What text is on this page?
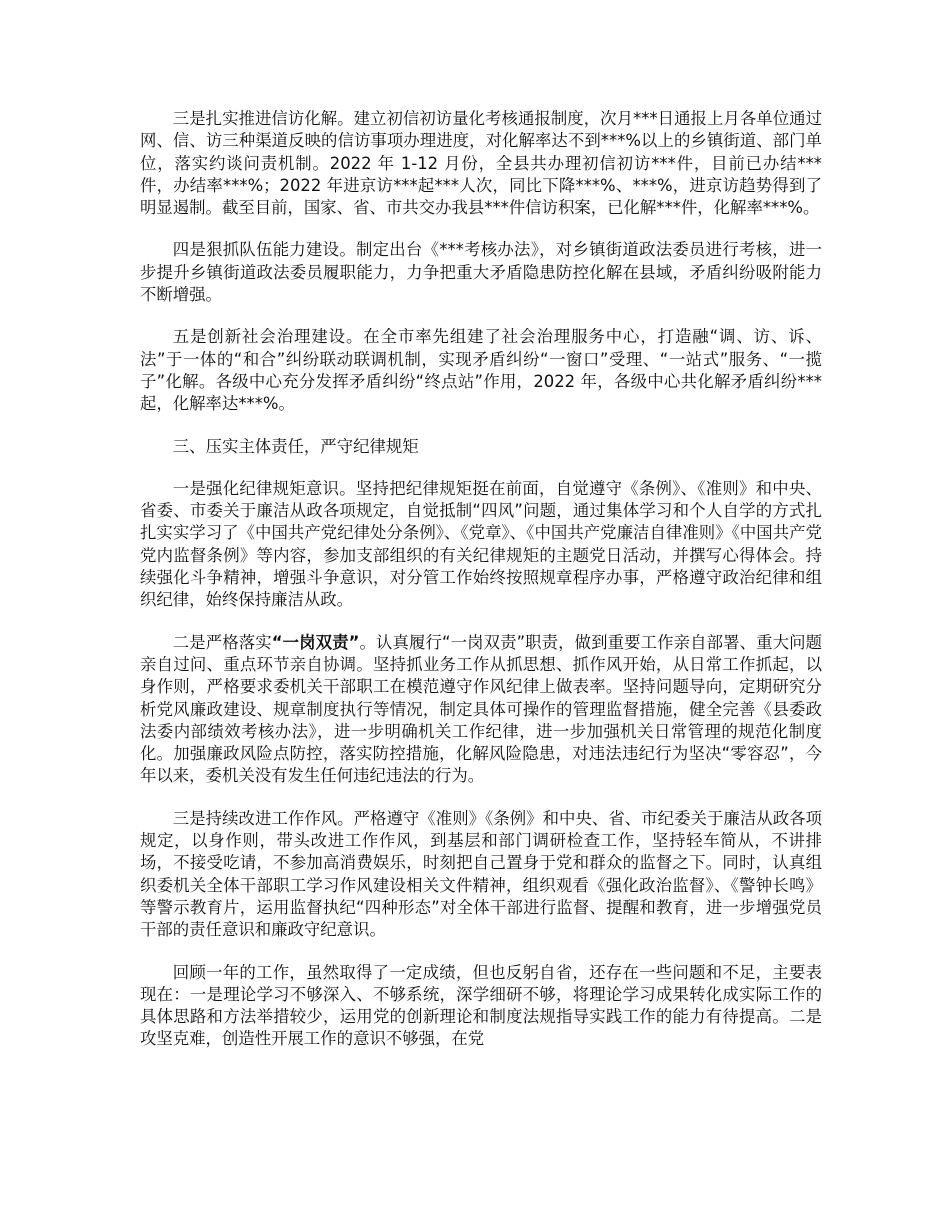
三是扎实推进信访化解。建立初信初访量化考核通报制度，次月***日通报上月各单位通过网、信、访三种渠道反映的信访事项办理进度，对化解率达不到***%以上的乡镇街道、部门单位，落实约谈问责机制。2022 年 1-12 月份，全县共办理初信初访***件，目前已办结***件，办结率***%；2022 年进京访***起***人次，同比下降***%、***%，进京访趋势得到了明显遏制。截至目前，国家、省、市共交办我县***件信访积案，已化解***件，化解率***%。

四是狠抓队伍能力建设。制定出台《***考核办法》，对乡镇街道政法委员进行考核，进一步提升乡镇街道政法委员履职能力，力争把重大矛盾隐患防控化解在县域，矛盾纠纷吸附能力不断增强。

五是创新社会治理建设。在全市率先组建了社会治理服务中心，打造融“调、访、诉、法”于一体的“和合”纠纷联动联调机制，实现矛盾纠纷“一窗口”受理、“一站式”服务、“一揽子”化解。各级中心充分发挥矛盾纠纷“终点站”作用，2022 年，各级中心共化解矛盾纠纷***起，化解率达***%。

三、压实主体责任，严守纪律规矩

一是强化纪律规矩意识。坚持把纪律规矩挺在前面，自觉遵守《条例》、《准则》和中央、省委、市委关于廉洁从政各项规定，自觉抵制“四风”问题，通过集体学习和个人自学的方式扎扎实实学习了《中国共产党纪律处分条例》、《党章》、《中国共产党廉洁自律准则》《中国共产党党内监督条例》等内容，参加支部组织的有关纪律规矩的主题党日活动，并撰写心得体会。持续强化斗争精神，增强斗争意识，对分管工作始终按照规章程序办事，严格遵守政治纪律和组织纪律，始终保持廉洁从政。

二是严格落实“一岗双责”。认真履行“一岗双责”职责，做到重要工作亲自部署、重大问题亲自过问、重点环节亲自协调。坚持抓业务工作从抓思想、抓作风开始，从日常工作抓起，以身作则，严格要求委机关干部职工在模范遵守作风纪律上做表率。坚持问题导向，定期研究分析党风廉政建设、规章制度执行等情况，制定具体可操作的管理监督措施，健全完善《县委政法委内部绩效考核办法》，进一步明确机关工作纪律，进一步加强机关日常管理的规范化制度化。加强廉政风险点防控，落实防控措施，化解风险隐患，对违法违纪行为坚决“零容忍”，今年以来，委机关没有发生任何违纪违法的行为。

三是持续改进工作作风。严格遵守《准则》《条例》和中央、省、市纪委关于廉洁从政各项规定，以身作则，带头改进工作作风，到基层和部门调研检查工作，坚持轻车简从，不讲排场，不接受吃请，不参加高消费娱乐，时刻把自己置身于党和群众的监督之下。同时，认真组织委机关全体干部职工学习作风建设相关文件精神，组织观看《强化政治监督》、《警钟长鸣》等警示教育片，运用监督执纪“四种形态”对全体干部进行监督、提醒和教育，进一步增强党员干部的责任意识和廉政守纪意识。

回顾一年的工作，虽然取得了一定成绩，但也反躬自省，还存在一些问题和不足，主要表现在：一是理论学习不够深入、不够系统，深学细研不够，将理论学习成果转化成实际工作的具体思路和方法举措较少，运用党的创新理论和制度法规指导实践工作的能力有待提高。二是攻坚克难，创造性开展工作的意识不够强，在党
